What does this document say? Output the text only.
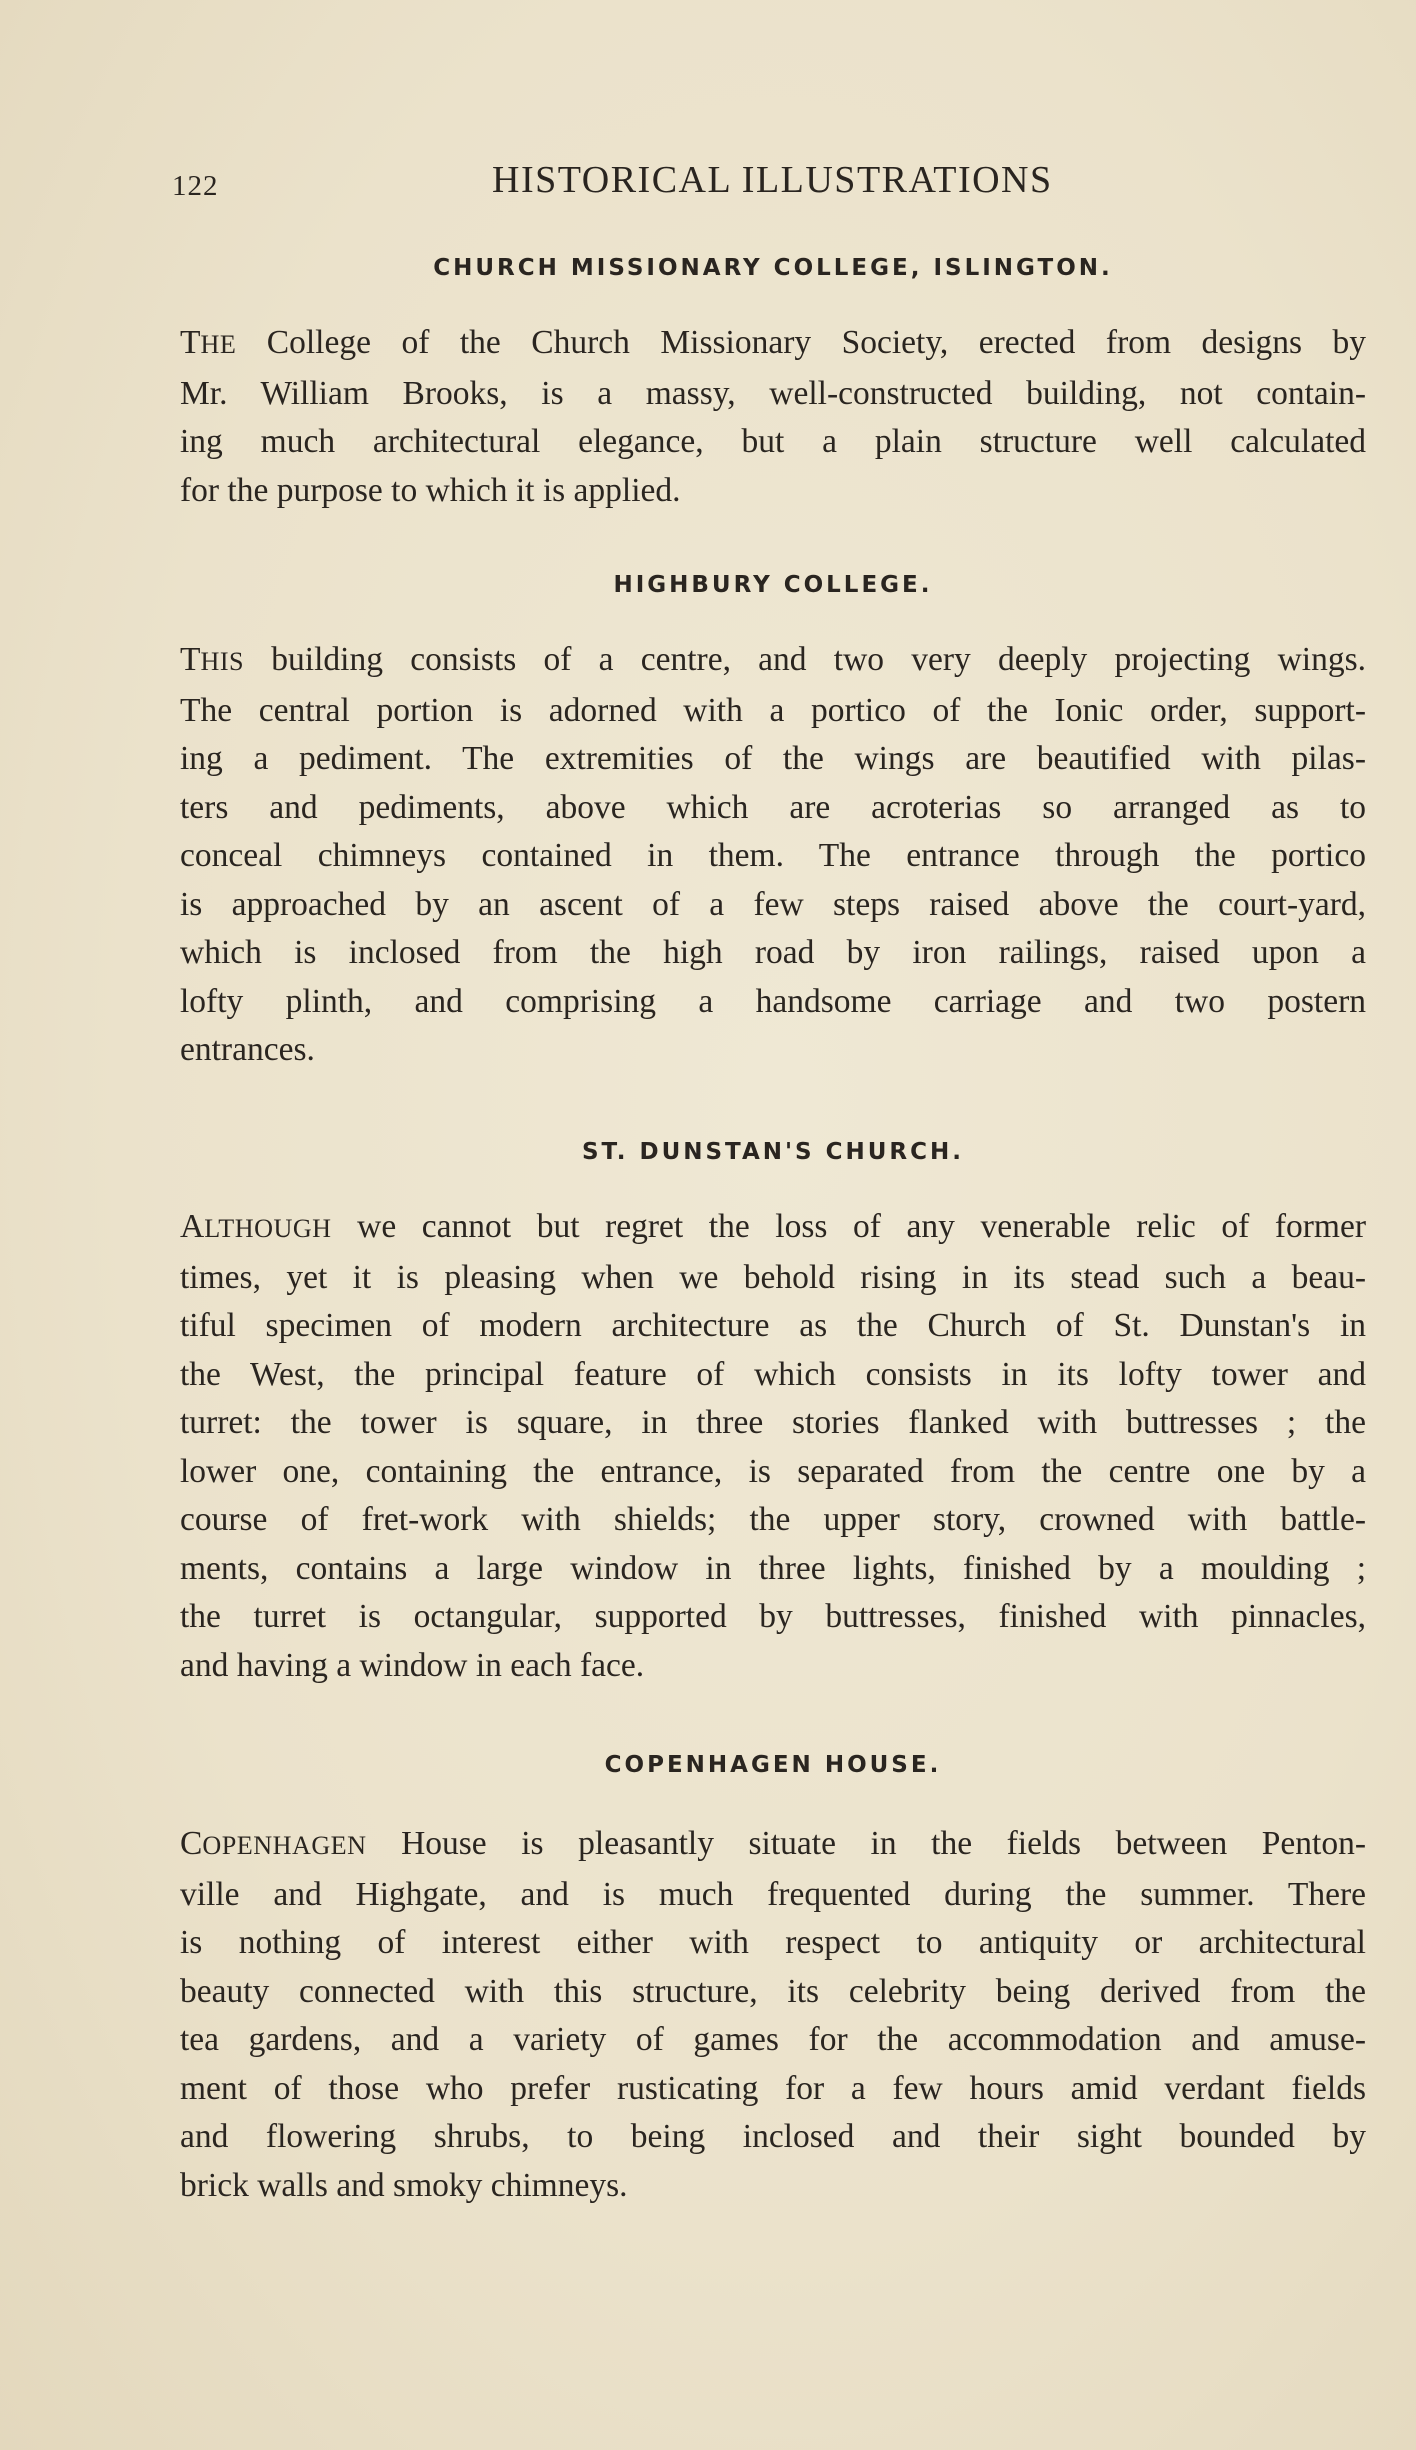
122	HISTORICAL ILLUSTRATIONS
CHURCH MISSIONARY COLLEGE, ISLINGTON.
THE College of the Church Missionary Society, erected from designs by
Mr. William Brooks, is a massy, well-constructed building, not contain-
ing much architectural elegance, but a plain structure well calculated
for the purpose to which it is applied.
HIGHBURY COLLEGE.
THIS building consists of a centre, and two very deeply projecting wings.
The central portion is adorned with a portico of the Ionic order, support-
ing a pediment. The extremities of the wings are beautified with pilas-
ters and pediments, above which are acroterias so arranged as to
conceal chimneys contained in them. The entrance through the portico
is approached by an ascent of a few steps raised above the court-yard,
which is inclosed from the high road by iron railings, raised upon a
lofty plinth, and comprising a handsome carriage and two postern
entrances.
ST. DUNSTAN'S CHURCH.
ALTHOUGH we cannot but regret the loss of any venerable relic of former
times, yet it is pleasing when we behold rising in its stead such a beau-
tiful specimen of modern architecture as the Church of St. Dunstan's in
the West, the principal feature of which consists in its lofty tower and
turret: the tower is square, in three stories flanked with buttresses ; the
lower one, containing the entrance, is separated from the centre one by a
course of fret-work with shields; the upper story, crowned with battle-
ments, contains a large window in three lights, finished by a moulding ;
the turret is octangular, supported by buttresses, finished with pinnacles,
and having a window in each face.
COPENHAGEN HOUSE.
COPENHAGEN House is pleasantly situate in the fields between Penton-
ville and Highgate, and is much frequented during the summer. There
is nothing of interest either with respect to antiquity or architectural
beauty connected with this structure, its celebrity being derived from the
tea gardens, and a variety of games for the accommodation and amuse-
ment of those who prefer rusticating for a few hours amid verdant fields
and flowering shrubs, to being inclosed and their sight bounded by
brick walls and smoky chimneys.
